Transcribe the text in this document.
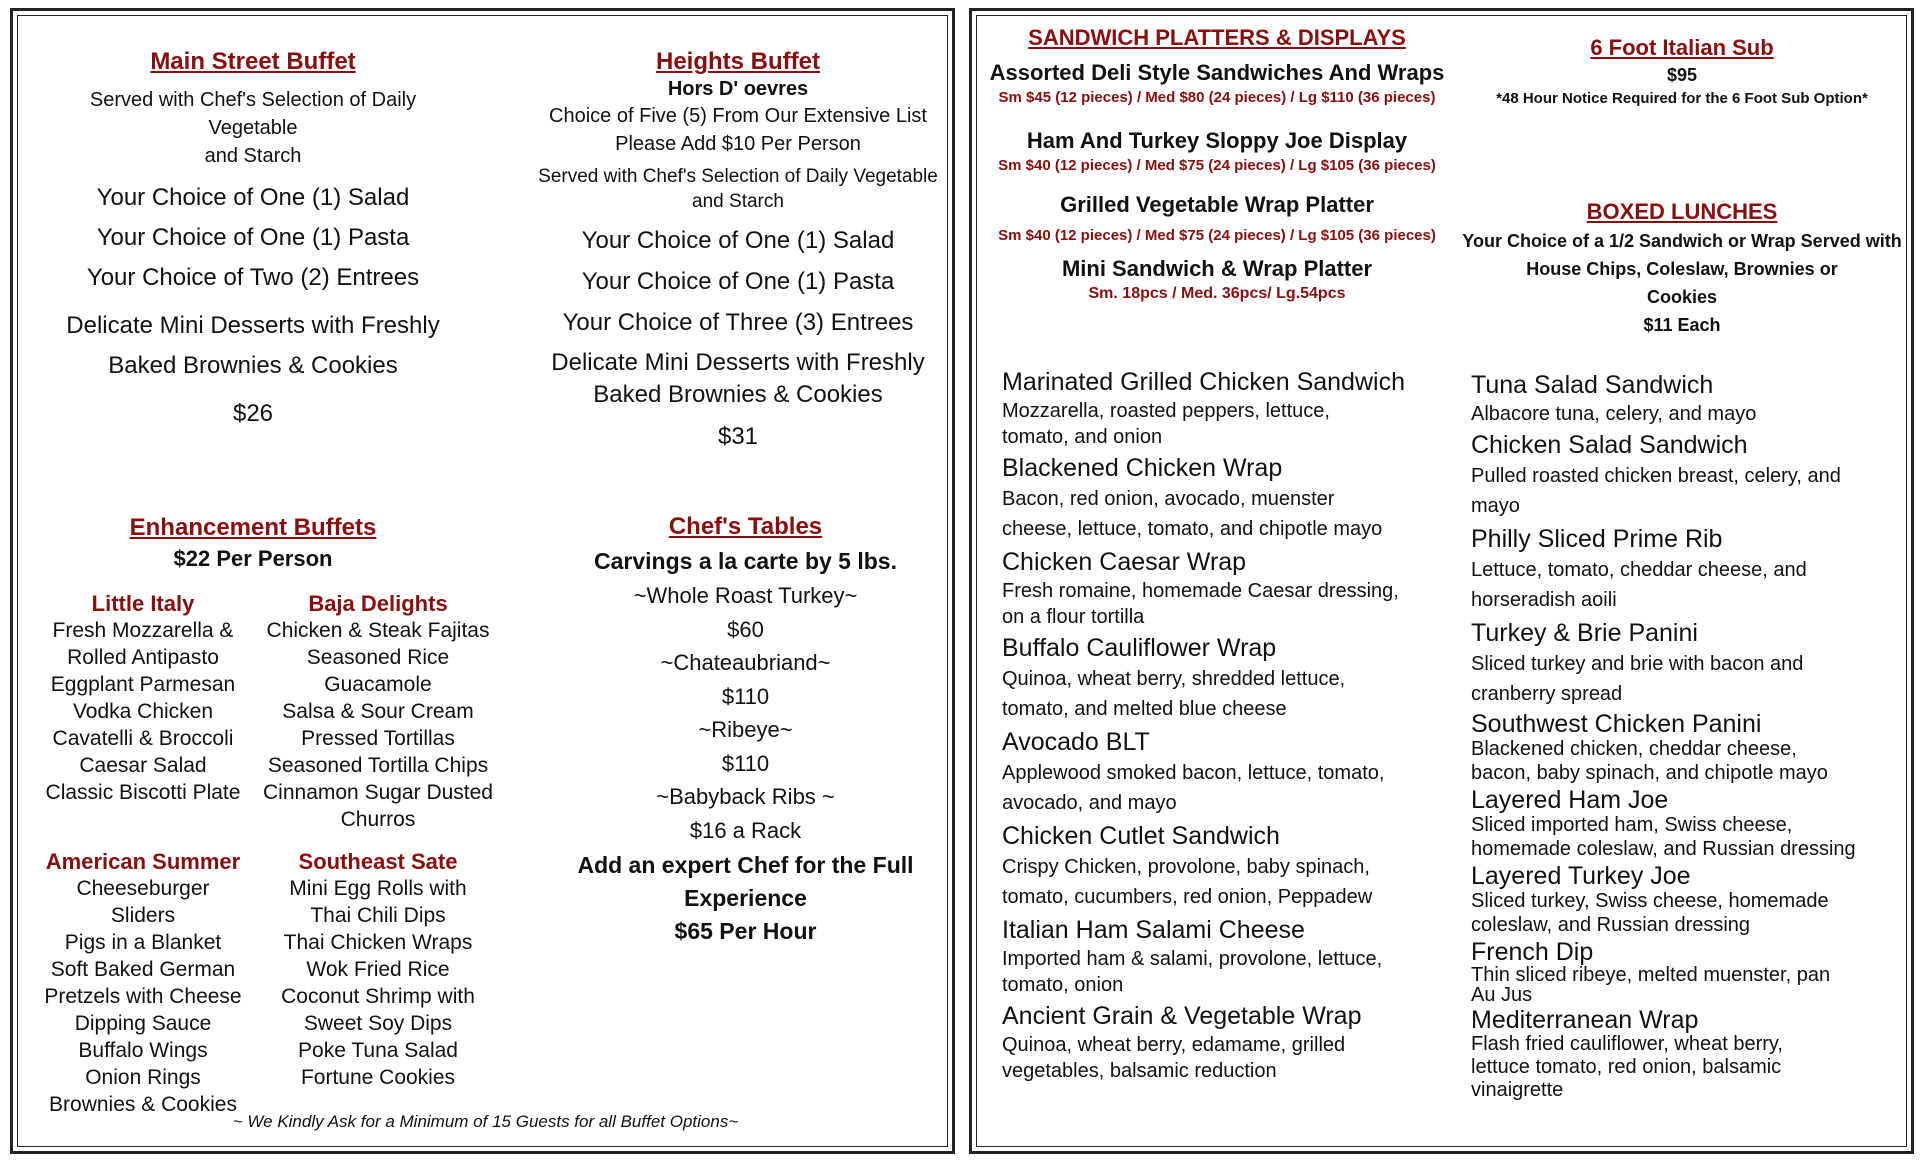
Main Street Buffet
Served with Chef's Selection of Daily Vegetable
and Starch
Your Choice of One (1) Salad
Your Choice of One (1) Pasta
Your Choice of Two (2) Entrees
Delicate Mini Desserts with Freshly
Baked Brownies & Cookies
$26
Heights Buffet
Hors D' oevres
Choice of Five (5) From Our Extensive List
Please Add $10 Per Person
Served with Chef's Selection of Daily Vegetable
and Starch
Your Choice of One (1) Salad
Your Choice of One (1) Pasta
Your Choice of Three (3) Entrees
Delicate Mini Desserts with Freshly
Baked Brownies & Cookies
$31
Enhancement Buffets
$22 Per Person
Little Italy
Fresh Mozzarella &
Rolled Antipasto
Eggplant Parmesan
Vodka Chicken
Cavatelli & Broccoli
Caesar Salad
Classic Biscotti Plate
Baja Delights
Chicken & Steak Fajitas
Seasoned Rice
Guacamole
Salsa & Sour Cream
Pressed Tortillas
Seasoned Tortilla Chips
Cinnamon Sugar Dusted
Churros
American Summer
Cheeseburger Sliders
Pigs in a Blanket
Soft Baked German
Pretzels with Cheese
Dipping Sauce
Buffalo Wings
Onion Rings
Brownies & Cookies
Southeast Sate
Mini Egg Rolls with
Thai Chili Dips
Thai Chicken Wraps
Wok Fried Rice
Coconut Shrimp with
Sweet Soy Dips
Poke Tuna Salad
Fortune Cookies
Chef's Tables
Carvings a la carte by 5 lbs.
~Whole Roast Turkey~
$60
~Chateaubriand~
$110
~Ribeye~
$110
~Babyback Ribs ~
$16 a Rack
Add an expert Chef for the Full
Experience
$65 Per Hour
~ We Kindly Ask for a Minimum of 15 Guests for all Buffet Options~
SANDWICH PLATTERS & DISPLAYS
Assorted Deli Style Sandwiches And Wraps
Sm $45 (12 pieces) / Med $80 (24 pieces) / Lg $110 (36 pieces)
Ham And Turkey Sloppy Joe Display
Sm $40 (12 pieces) / Med $75 (24 pieces) / Lg $105 (36 pieces)
Grilled Vegetable Wrap Platter
Sm $40 (12 pieces) / Med $75 (24 pieces) / Lg $105 (36 pieces)
Mini Sandwich & Wrap Platter
Sm. 18pcs / Med. 36pcs/ Lg.54pcs
6 Foot Italian Sub
$95
*48 Hour Notice Required for the 6 Foot Sub Option*
BOXED LUNCHES
Your Choice of a 1/2 Sandwich or Wrap Served with
House Chips, Coleslaw, Brownies or
Cookies
$11 Each

Marinated Grilled Chicken Sandwich

Mozzarella, roasted peppers, lettuce,
tomato, and onion

Blackened Chicken Wrap

Bacon, red onion, avocado, muenster
cheese, lettuce, tomato, and chipotle mayo

Chicken Caesar Wrap

Fresh romaine, homemade Caesar dressing,
on a flour tortilla

Buffalo Cauliflower Wrap

Quinoa, wheat berry, shredded lettuce,
tomato, and melted blue cheese

Avocado BLT

Applewood smoked bacon, lettuce, tomato,
avocado, and mayo

Chicken Cutlet Sandwich

Crispy Chicken, provolone, baby spinach,
tomato, cucumbers, red onion, Peppadew

Italian Ham Salami Cheese

Imported ham & salami, provolone, lettuce,
tomato, onion

Ancient Grain & Vegetable Wrap

Quinoa, wheat berry, edamame, grilled
vegetables, balsamic reduction

Tuna Salad Sandwich

Albacore tuna, celery, and mayo

Chicken Salad Sandwich

Pulled roasted chicken breast, celery, and
mayo

Philly Sliced Prime Rib

Lettuce, tomato, cheddar cheese, and
horseradish aoili

Turkey & Brie Panini

Sliced turkey and brie with bacon and
cranberry spread

Southwest Chicken Panini

Blackened chicken, cheddar cheese,
bacon, baby spinach, and chipotle mayo

Layered Ham Joe

Sliced imported ham, Swiss cheese,
homemade coleslaw, and Russian dressing

Layered Turkey Joe

Sliced turkey, Swiss cheese, homemade
coleslaw, and Russian dressing

French Dip

Thin sliced ribeye, melted muenster, pan
Au Jus

Mediterranean Wrap

Flash fried cauliflower, wheat berry,
lettuce tomato, red onion, balsamic
vinaigrette
